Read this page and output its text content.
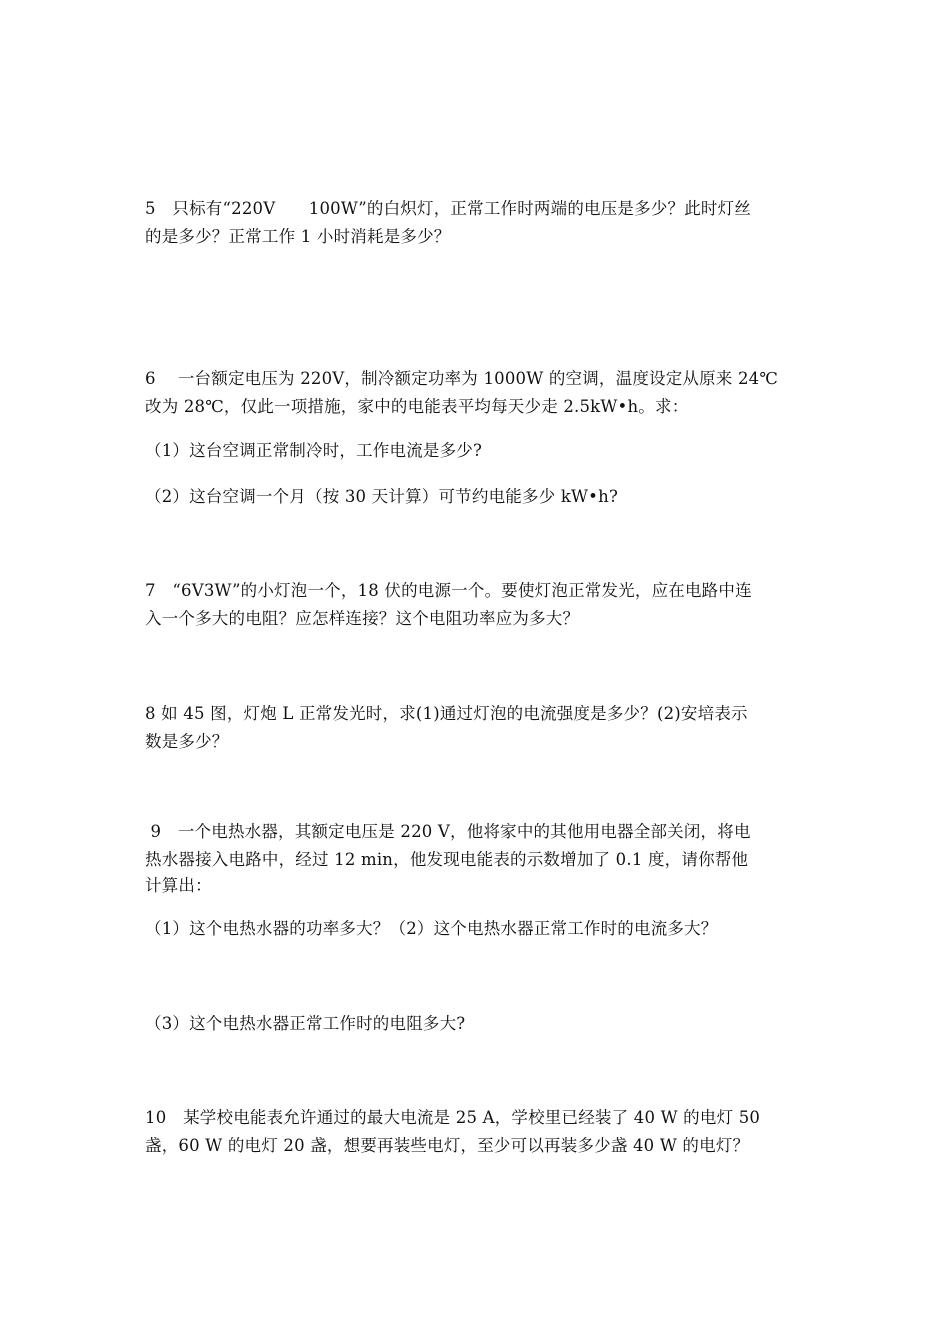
5　只标有“220V　　100W”的白炽灯，正常工作时两端的电压是多少？此时灯丝
的是多少？正常工作 1 小时消耗是多少？
6　 一台额定电压为 220V，制冷额定功率为 1000W 的空调，温度设定从原来 24℃
改为 28℃，仅此一项措施，家中的电能表平均每天少走 2.5kW•h。求：
（1）这台空调正常制冷时，工作电流是多少?
（2）这台空调一个月（按 30 天计算）可节约电能多少 kW•h?
7　“6V3W”的小灯泡一个，18 伏的电源一个。要使灯泡正常发光，应在电路中连
入一个多大的电阻？应怎样连接？这个电阻功率应为多大？
8 如 45 图，灯炮 L 正常发光时，求(1)通过灯泡的电流强度是多少？(2)安培表示
数是多少？
9　一个电热水器，其额定电压是 220 V，他将家中的其他用电器全部关闭，将电
热水器接入电路中，经过 12 min，他发现电能表的示数增加了 0.1 度，请你帮他
计算出：
（1）这个电热水器的功率多大？（2）这个电热水器正常工作时的电流多大？
（3）这个电热水器正常工作时的电阻多大?
10　某学校电能表允许通过的最大电流是 25 A，学校里已经装了 40 W 的电灯 50
盏，60 W 的电灯 20 盏，想要再装些电灯，至少可以再装多少盏 40 W 的电灯？
